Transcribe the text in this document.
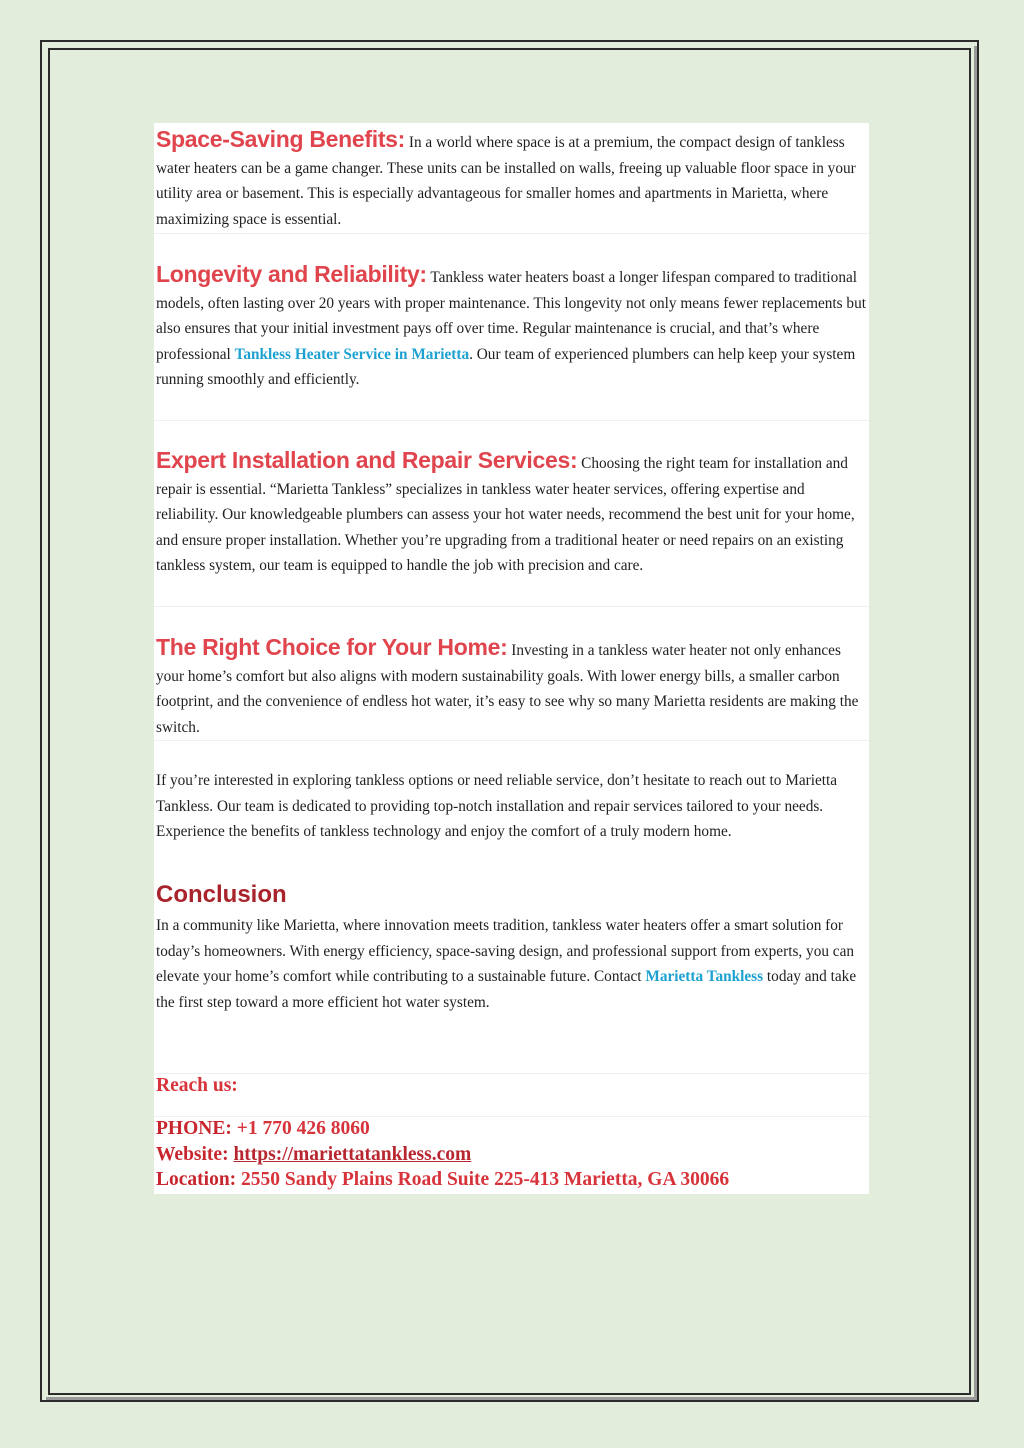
Space-Saving Benefits: In a world where space is at a premium, the compact design of tankless water heaters can be a game changer. These units can be installed on walls, freeing up valuable floor space in your utility area or basement. This is especially advantageous for smaller homes and apartments in Marietta, where maximizing space is essential.
Longevity and Reliability: Tankless water heaters boast a longer lifespan compared to traditional models, often lasting over 20 years with proper maintenance. This longevity not only means fewer replacements but also ensures that your initial investment pays off over time. Regular maintenance is crucial, and that’s where professional Tankless Heater Service in Marietta. Our team of experienced plumbers can help keep your system running smoothly and efficiently.
Expert Installation and Repair Services: Choosing the right team for installation and repair is essential. “Marietta Tankless” specializes in tankless water heater services, offering expertise and reliability. Our knowledgeable plumbers can assess your hot water needs, recommend the best unit for your home, and ensure proper installation. Whether you’re upgrading from a traditional heater or need repairs on an existing tankless system, our team is equipped to handle the job with precision and care.
The Right Choice for Your Home: Investing in a tankless water heater not only enhances your home’s comfort but also aligns with modern sustainability goals. With lower energy bills, a smaller carbon footprint, and the convenience of endless hot water, it’s easy to see why so many Marietta residents are making the switch.
If you’re interested in exploring tankless options or need reliable service, don’t hesitate to reach out to Marietta Tankless. Our team is dedicated to providing top-notch installation and repair services tailored to your needs. Experience the benefits of tankless technology and enjoy the comfort of a truly modern home.
Conclusion
In a community like Marietta, where innovation meets tradition, tankless water heaters offer a smart solution for today’s homeowners. With energy efficiency, space-saving design, and professional support from experts, you can elevate your home’s comfort while contributing to a sustainable future. Contact Marietta Tankless today and take the first step toward a more efficient hot water system.
Reach us:
PHONE: +1 770 426 8060
Website: https://mariettatankless.com
Location: 2550 Sandy Plains Road Suite 225-413 Marietta, GA 30066
